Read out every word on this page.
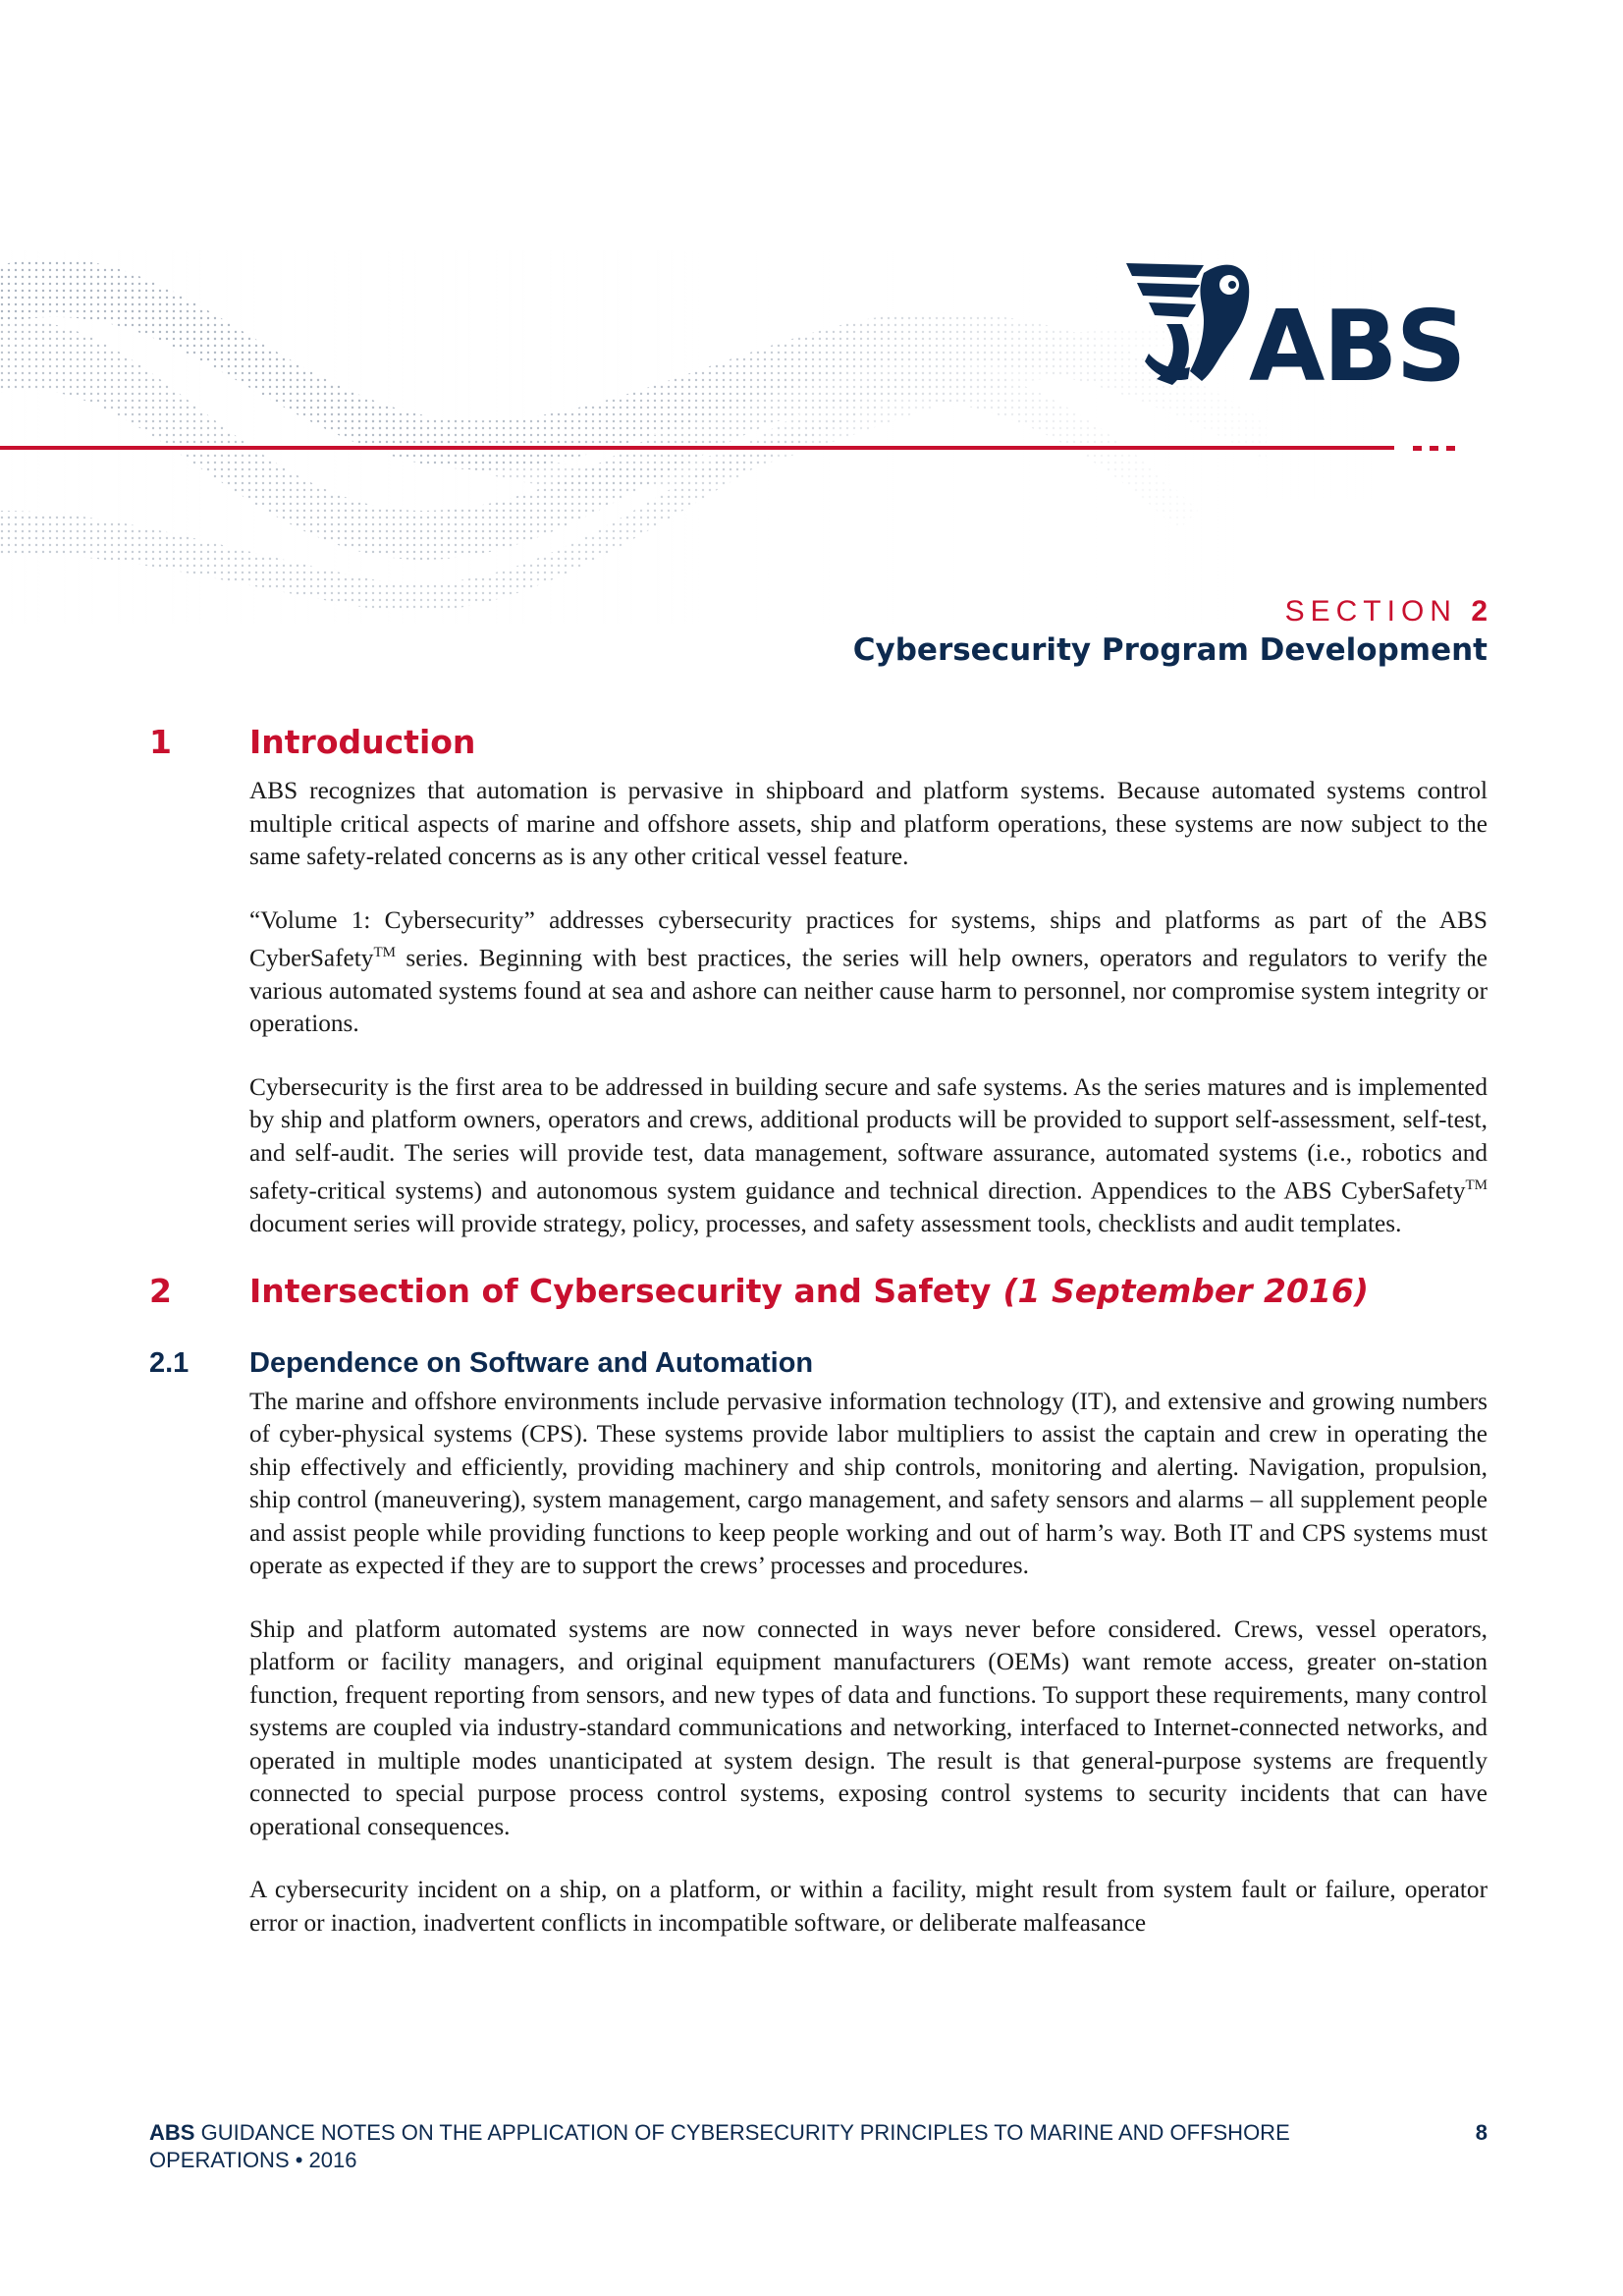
ABS
SECTION 2
Cybersecurity Program Development
1	Introduction

ABS recognizes that automation is pervasive in shipboard and platform systems. Because automated systems control multiple critical aspects of marine and offshore assets, ship and platform operations, these systems are now subject to the same safety-related concerns as is any other critical vessel feature.

“Volume 1: Cybersecurity” addresses cybersecurity practices for systems, ships and platforms as part of the ABS CyberSafety™ series. Beginning with best practices, the series will help owners, operators and regulators to verify the various automated systems found at sea and ashore can neither cause harm to personnel, nor compromise system integrity or operations.

Cybersecurity is the first area to be addressed in building secure and safe systems. As the series matures and is implemented by ship and platform owners, operators and crews, additional products will be provided to support self-assessment, self-test, and self-audit. The series will provide test, data management, software assurance, automated systems (i.e., robotics and safety-critical systems) and autonomous system guidance and technical direction. Appendices to the ABS CyberSafety™ document series will provide strategy, policy, processes, and safety assessment tools, checklists and audit templates.

2	Intersection of Cybersecurity and Safety (1 September 2016)
2.1	Dependence on Software and Automation

The marine and offshore environments include pervasive information technology (IT), and extensive and growing numbers of cyber-physical systems (CPS). These systems provide labor multipliers to assist the captain and crew in operating the ship effectively and efficiently, providing machinery and ship controls, monitoring and alerting. Navigation, propulsion, ship control (maneuvering), system management, cargo management, and safety sensors and alarms – all supplement people and assist people while providing functions to keep people working and out of harm’s way. Both IT and CPS systems must operate as expected if they are to support the crews’ processes and procedures.

Ship and platform automated systems are now connected in ways never before considered. Crews, vessel operators, platform or facility managers, and original equipment manufacturers (OEMs) want remote access, greater on-station function, frequent reporting from sensors, and new types of data and functions. To support these requirements, many control systems are coupled via industry-standard communications and networking, interfaced to Internet-connected networks, and operated in multiple modes unanticipated at system design. The result is that general-purpose systems are frequently connected to special purpose process control systems, exposing control systems to security incidents that can have operational consequences.

A cybersecurity incident on a ship, on a platform, or within a facility, might result from system fault or failure, operator error or inaction, inadvertent conflicts in incompatible software, or deliberate malfeasance

ABS GUIDANCE NOTES ON THE APPLICATION OF CYBERSECURITY PRINCIPLES TO MARINE AND OFFSHORE OPERATIONS • 2016
8
